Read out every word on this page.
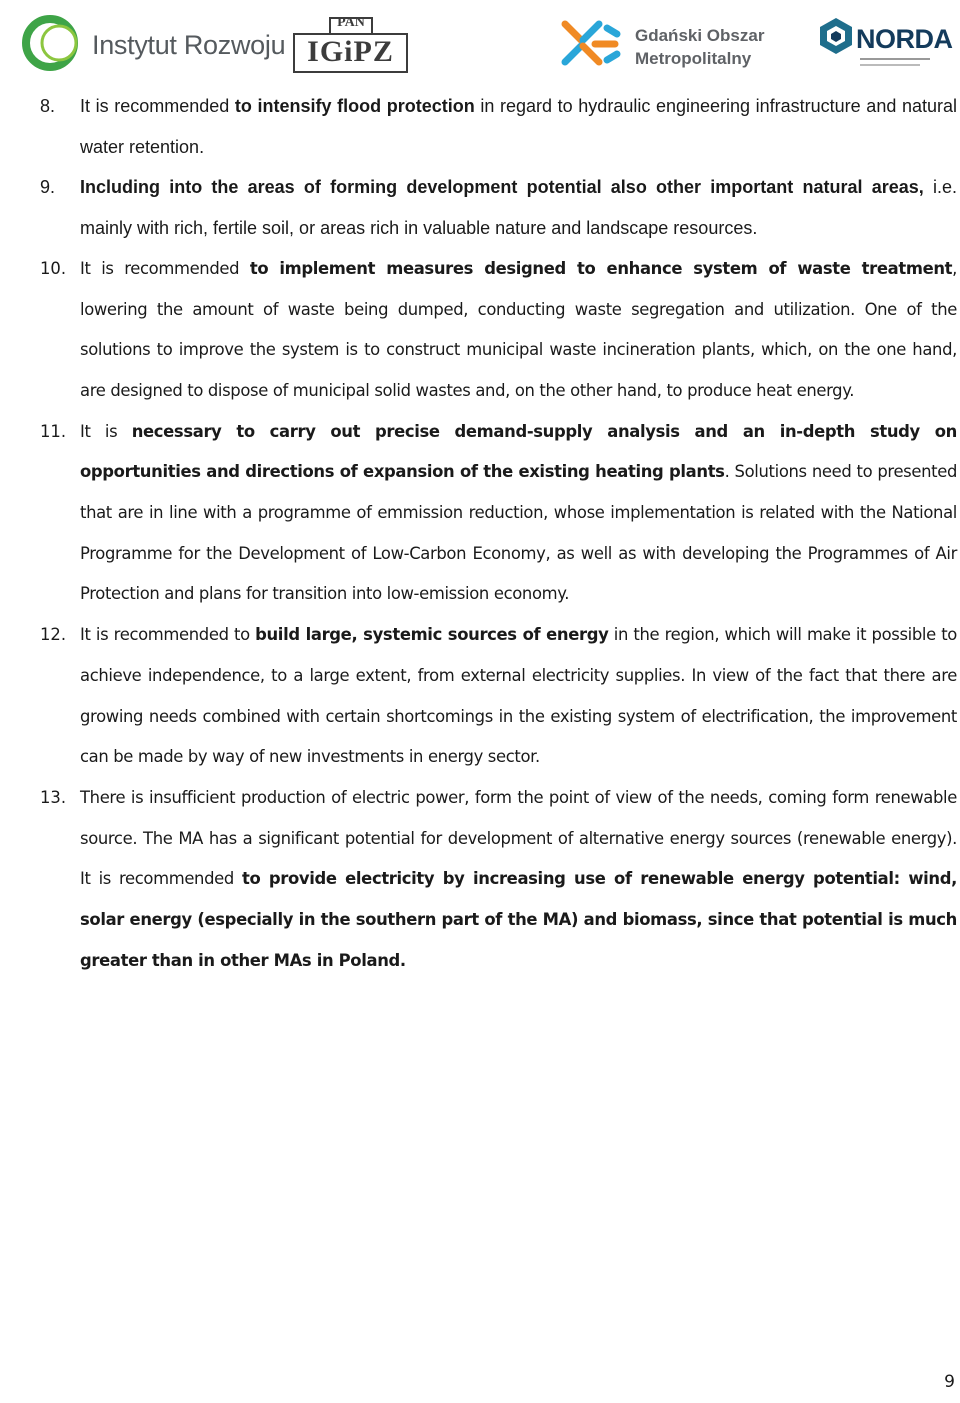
Instytut Rozwoju
PAN
IGiPZ	Gdański Obszar
Metropolitalny
NORDA
8. It is recommended to intensify flood protection in regard to hydraulic engineering infrastructure and natural water retention.
9. Including into the areas of forming development potential also other important natural areas, i.e. mainly with rich, fertile soil, or areas rich in valuable nature and landscape resources.
10. It is recommended to implement measures designed to enhance system of waste treatment, lowering the amount of waste being dumped, conducting waste segregation and utilization. One of the solutions to improve the system is to construct municipal waste incineration plants, which, on the one hand, are designed to dispose of municipal solid wastes and, on the other hand, to produce heat energy.
11. It is necessary to carry out precise demand-supply analysis and an in-depth study on opportunities and directions of expansion of the existing heating plants. Solutions need to presented that are in line with a programme of emmission reduction, whose implementation is related with the National Programme for the Development of Low-Carbon Economy, as well as with developing the Programmes of Air Protection and plans for transition into low-emission economy.
12. It is recommended to build large, systemic sources of energy in the region, which will make it possible to achieve independence, to a large extent, from external electricity supplies. In view of the fact that there are growing needs combined with certain shortcomings in the existing system of electrification, the improvement can be made by way of new investments in energy sector.
13. There is insufficient production of electric power, form the point of view of the needs, coming form renewable source. The MA has a significant potential for development of alternative energy sources (renewable energy). It is recommended to provide electricity by increasing use of renewable energy potential: wind, solar energy (especially in the southern part of the MA) and biomass, since that potential is much greater than in other MAs in Poland.
9
